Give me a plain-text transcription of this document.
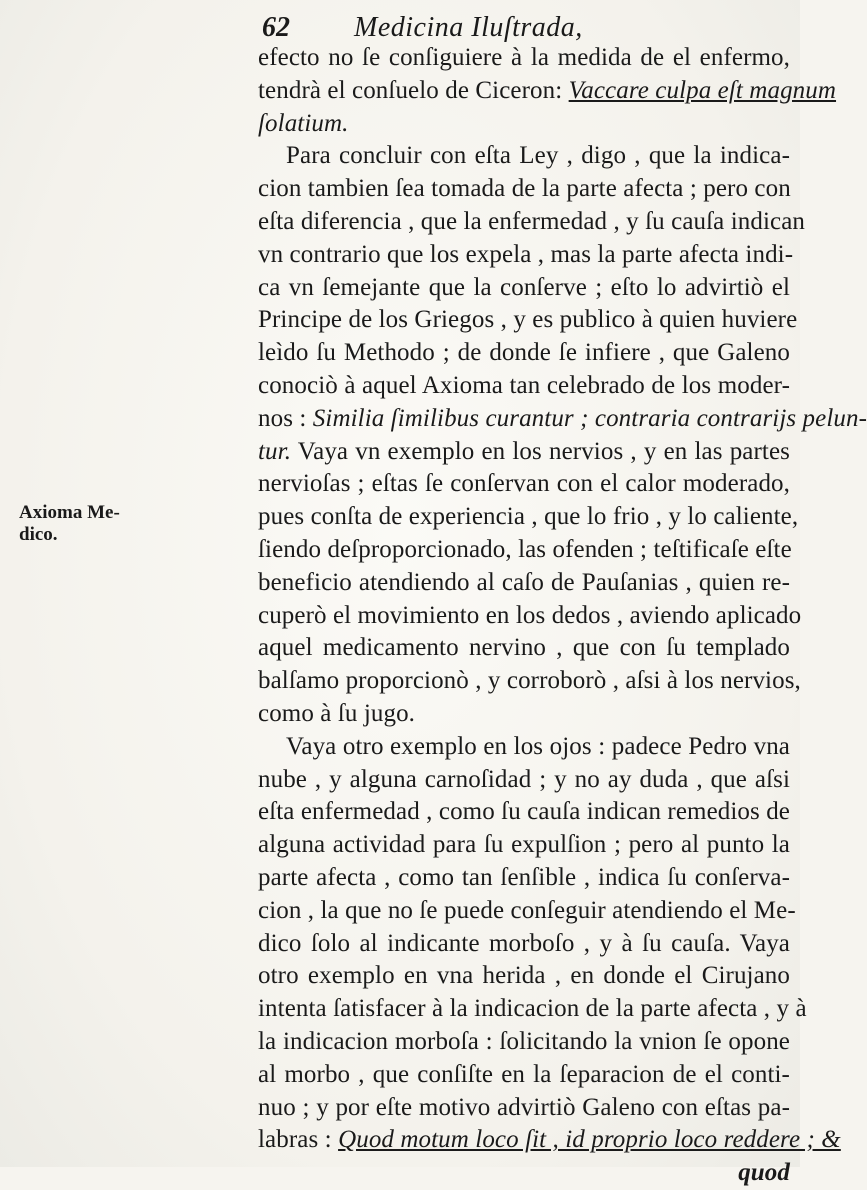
62 Medicina Iluſtrada,
Axioma Me-
dico.
efecto no ſe conſiguiere à la medida de el enfermo,
tendrà el conſuelo de Ciceron: Vaccare culpa eſt magnum
ſolatium.
Para concluir con eſta Ley , digo , que la indica-
cion tambien ſea tomada de la parte afecta ; pero con
eſta diferencia , que la enfermedad , y ſu cauſa indican
vn contrario que los expela , mas la parte afecta indi-
ca vn ſemejante que la conſerve ; eſto lo advirtiò el
Principe de los Griegos , y es publico à quien huviere
leìdo ſu Methodo ; de donde ſe infiere , que Galeno
conociò à aquel Axioma tan celebrado de los moder-
nos : Similia ſimilibus curantur ; contraria contrarijs pelun-
tur. Vaya vn exemplo en los nervios , y en las partes
nervioſas ; eſtas ſe conſervan con el calor moderado,
pues conſta de experiencia , que lo frio , y lo caliente,
ſiendo deſproporcionado, las ofenden ; teſtificaſe eſte
beneficio atendiendo al caſo de Pauſanias , quien re-
cuperò el movimiento en los dedos , aviendo aplicado
aquel medicamento nervino , que con ſu templado
balſamo proporcionò , y corroborò , aſsi à los nervios,
como à ſu jugo.
Vaya otro exemplo en los ojos : padece Pedro vna
nube , y alguna carnoſidad ; y no ay duda , que aſsi
eſta enfermedad , como ſu cauſa indican remedios de
alguna actividad para ſu expulſion ; pero al punto la
parte afecta , como tan ſenſible , indica ſu conſerva-
cion , la que no ſe puede conſeguir atendiendo el Me-
dico ſolo al indicante morboſo , y à ſu cauſa. Vaya
otro exemplo en vna herida , en donde el Cirujano
intenta ſatisfacer à la indicacion de la parte afecta , y à
la indicacion morboſa : ſolicitando la vnion ſe opone
al morbo , que conſiſte en la ſeparacion de el conti-
nuo ; y por eſte motivo advirtiò Galeno con eſtas pa-
labras : Quod motum loco ſit , id proprio loco reddere ; &
quod
